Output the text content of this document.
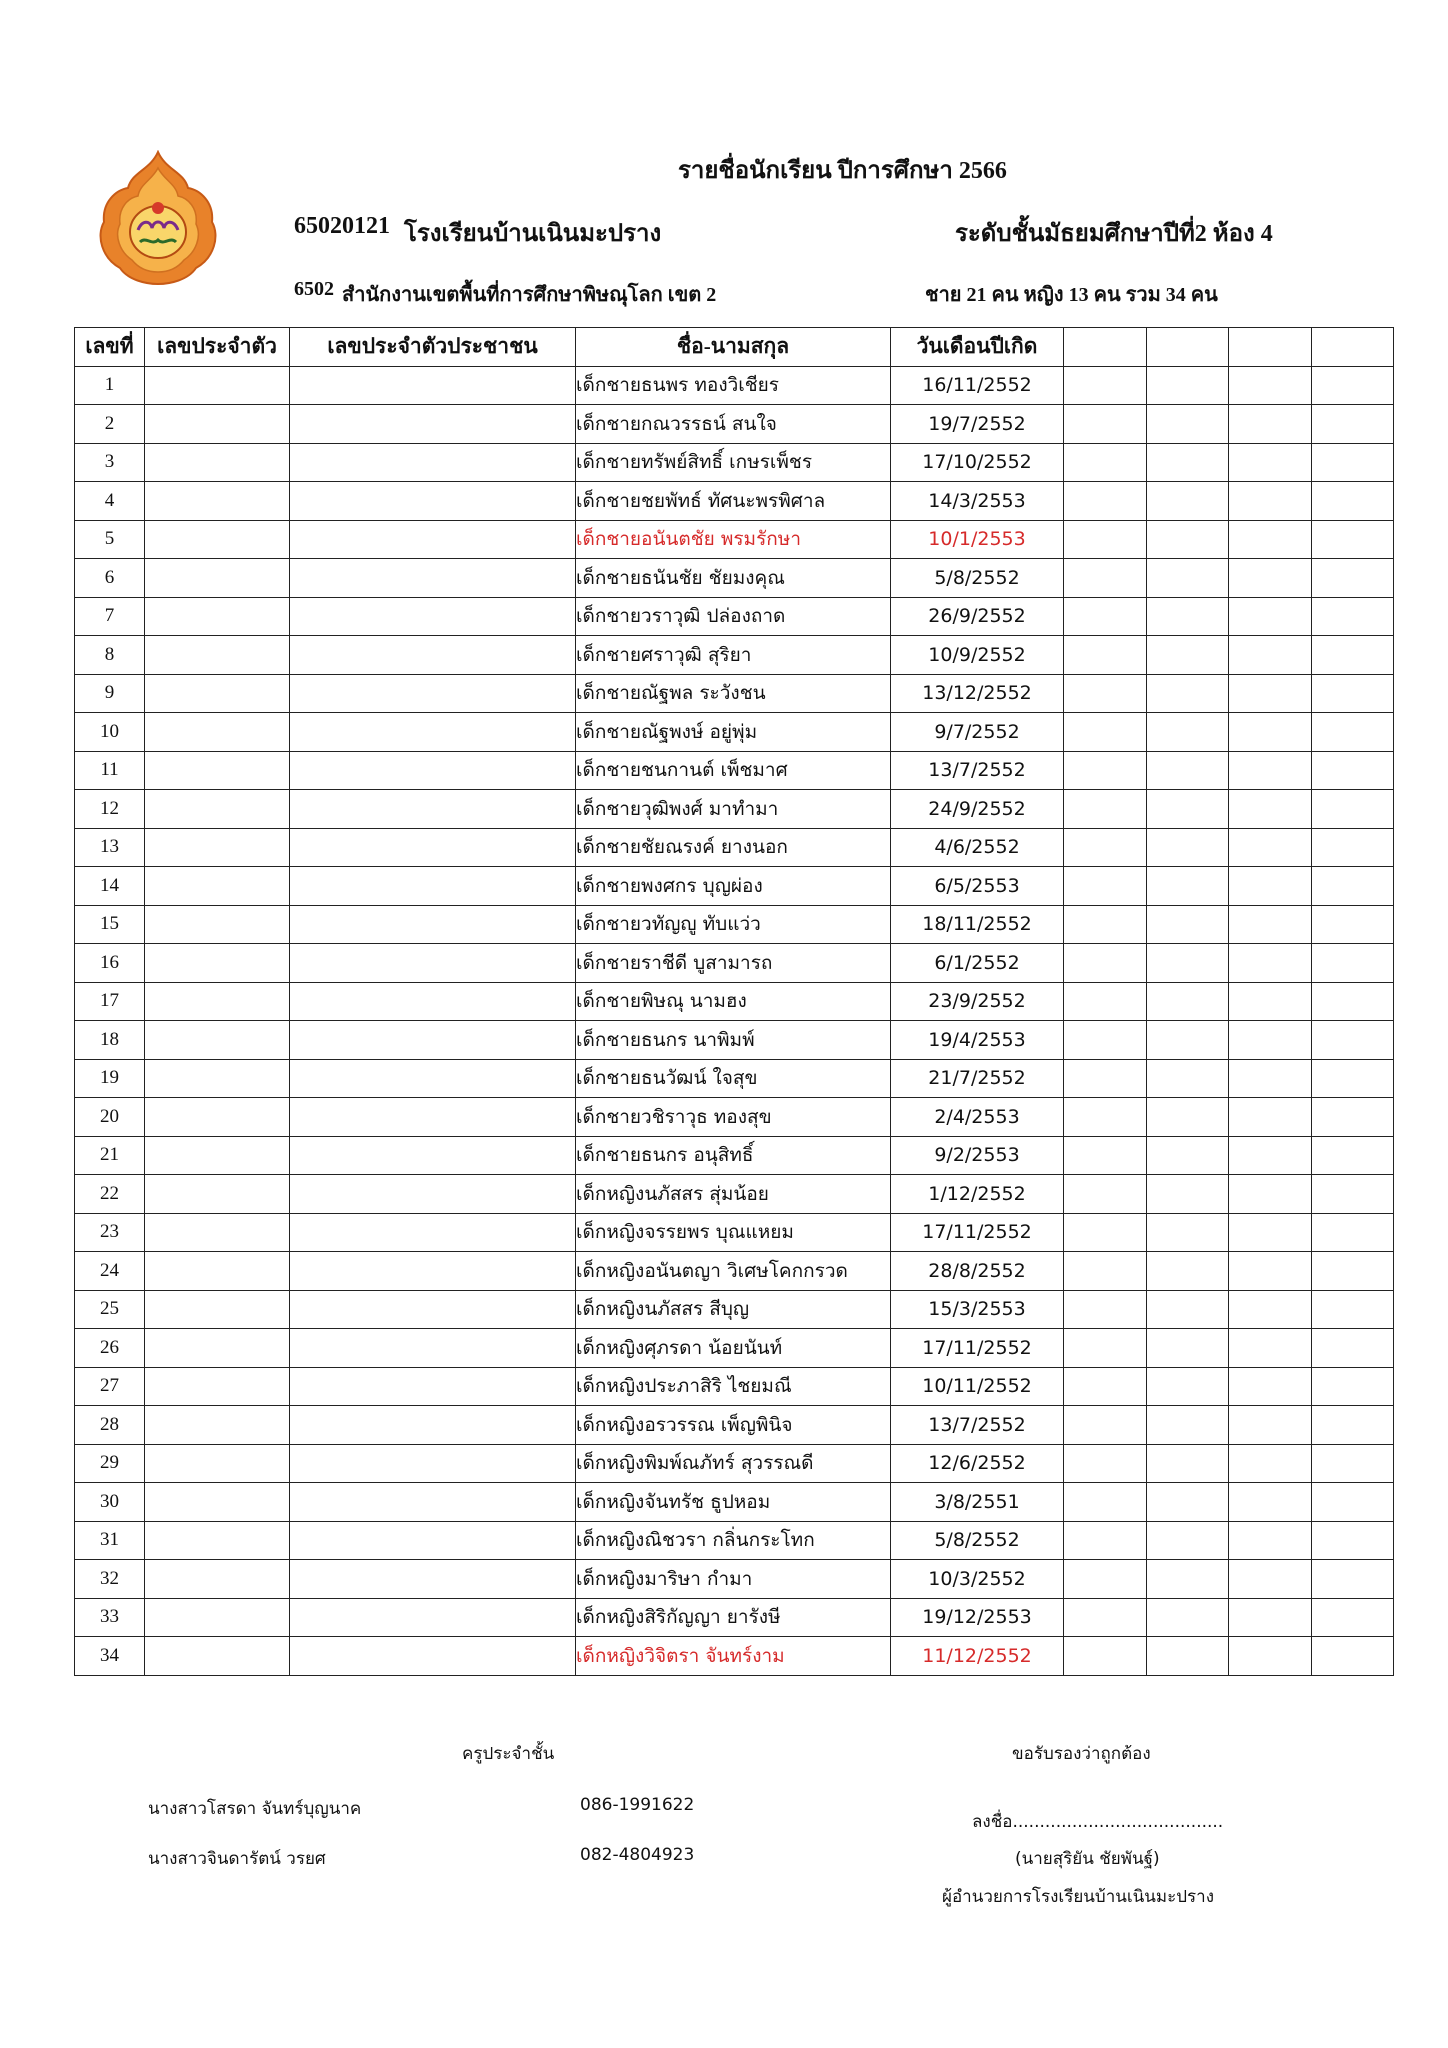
รายชื่อนักเรียน ปีการศึกษา 2566
65020121 โรงเรียนบ้านเนินมะปราง	ระดับชั้นมัธยมศึกษาปีที่2 ห้อง 4
6502 สำนักงานเขตพื้นที่การศึกษาพิษณุโลก เขต 2	ชาย 21 คน หญิง 13 คน รวม 34 คน
เลขที่	เลขประจำตัว	เลขประจำตัวประชาชน	ชื่อ-นามสกุล	วันเดือนปีเกิด				
1			เด็กชายธนพร ทองวิเชียร	16/11/2552				
2			เด็กชายกณวรรธน์ สนใจ	19/7/2552				
3			เด็กชายทรัพย์สิทธิ์ เกษรเพ็ชร	17/10/2552				
4			เด็กชายชยพัทธ์ ทัศนะพรพิศาล	14/3/2553				
5			เด็กชายอนันตชัย พรมรักษา	10/1/2553				
6			เด็กชายธนันชัย ชัยมงคุณ	5/8/2552				
7			เด็กชายวราวุฒิ ปล่องถาด	26/9/2552				
8			เด็กชายศราวุฒิ สุริยา	10/9/2552				
9			เด็กชายณัฐพล ระวังชน	13/12/2552				
10			เด็กชายณัฐพงษ์ อยู่พุ่ม	9/7/2552				
11			เด็กชายชนกานต์ เพ็ชมาศ	13/7/2552				
12			เด็กชายวุฒิพงศ์ มาทำมา	24/9/2552				
13			เด็กชายชัยณรงค์ ยางนอก	4/6/2552				
14			เด็กชายพงศกร บุญผ่อง	6/5/2553				
15			เด็กชายวทัญญู ทับแว่ว	18/11/2552				
16			เด็กชายราชีดี บูสามารถ	6/1/2552				
17			เด็กชายพิษณุ นามฮง	23/9/2552				
18			เด็กชายธนกร นาพิมพ์	19/4/2553				
19			เด็กชายธนวัฒน์ ใจสุข	21/7/2552				
20			เด็กชายวชิราวุธ ทองสุข	2/4/2553				
21			เด็กชายธนกร อนุสิทธิ์	9/2/2553				
22			เด็กหญิงนภัสสร สุ่มน้อย	1/12/2552				
23			เด็กหญิงจรรยพร บุณแหยม	17/11/2552				
24			เด็กหญิงอนันตญา วิเศษโคกกรวด	28/8/2552				
25			เด็กหญิงนภัสสร สีบุญ	15/3/2553				
26			เด็กหญิงศุภรดา น้อยนันท์	17/11/2552				
27			เด็กหญิงประภาสิริ ไชยมณี	10/11/2552				
28			เด็กหญิงอรวรรณ เพ็ญพินิจ	13/7/2552				
29			เด็กหญิงพิมพ์ณภัทร์ สุวรรณดี	12/6/2552				
30			เด็กหญิงจันทรัช ธูปหอม	3/8/2551				
31			เด็กหญิงณิชวรา กลิ่นกระโทก	5/8/2552				
32			เด็กหญิงมาริษา กำมา	10/3/2552				
33			เด็กหญิงสิริกัญญา ยารังษี	19/12/2553				
34			เด็กหญิงวิจิตรา จันทร์งาม	11/12/2552				
ครูประจำชั้น	ขอรับรองว่าถูกต้อง
นางสาวโสรดา จันทร์บุญนาค	086-1991622
ลงชื่อ.......................................
นางสาวจินดารัตน์ วรยศ	082-4804923	(นายสุริยัน ชัยพันฐ์)
ผู้อำนวยการโรงเรียนบ้านเนินมะปราง
